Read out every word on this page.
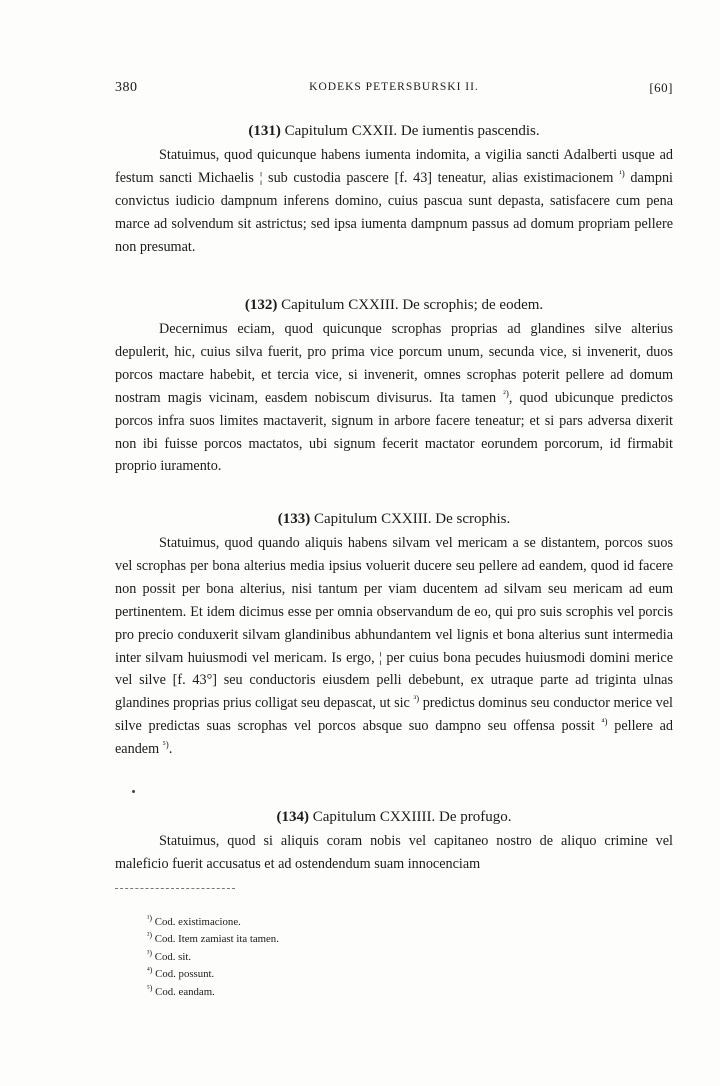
380	KODEKS PETERSBURSKI II.	[60]
(131) Capitulum CXXII. De iumentis pascendis.

Statuimus, quod quicunque habens iumenta indomita, a vigilia sancti Adalberti usque ad festum sancti Michaelis ¦ sub custodia pascere [f. 43] teneatur, alias existimacionem $^{^1)}$ dampni convictus iudicio dampnum inferens domino, cuius pascua sunt depasta, satisfacere cum pena marce ad solvendum sit astrictus; sed ipsa iumenta dampnum passus ad domum propriam pellere non presumat.

(132) Capitulum CXXIII. De scrophis; de eodem.

Decernimus eciam, quod quicunque scrophas proprias ad glandines silve alterius depulerit, hic, cuius silva fuerit, pro prima vice porcum unum, secunda vice, si invenerit, duos porcos mactare habebit, et tercia vice, si invenerit, omnes scrophas poterit pellere ad domum nostram magis vicinam, easdem nobiscum divisurus. Ita tamen $^{^2)}$, quod ubicunque predictos porcos infra suos limites mactaverit, signum in arbore facere teneatur; et si pars adversa dixerit non ibi fuisse porcos mactatos, ubi signum fecerit mactator eorundem porcorum, id firmabit proprio iuramento.

(133) Capitulum CXXIII. De scrophis.

Statuimus, quod quando aliquis habens silvam vel mericam a se distantem, porcos suos vel scrophas per bona alterius media ipsius voluerit ducere seu pellere ad eandem, quod id facere non possit per bona alterius, nisi tantum per viam ducentem ad silvam seu mericam ad eum pertinentem. Et idem dicimus esse per omnia observandum de eo, qui pro suis scrophis vel porcis pro precio conduxerit silvam glandinibus abhundantem vel lignis et bona alterius sunt intermedia inter silvam huiusmodi vel mericam. Is ergo, ¦ per cuius bona pecudes huiusmodi domini merice vel silve [f. 43°] seu conductoris eiusdem pelli debebunt, ex utraque parte ad triginta ulnas glandines proprias prius colligat seu depascat, ut sic $^{^3)}$ predictus dominus seu conductor merice vel silve predictas suas scrophas vel porcos absque suo dampno seu offensa possit $^{^4)}$ pellere ad eandem $^{^5)}$.

(134) Capitulum CXXIIII. De profugo.

Statuimus, quod si aliquis coram nobis vel capitaneo nostro de aliquo crimine vel maleficio fuerit accusatus et ad ostendendum suam innocenciam

$^{^1)}$ Cod. existimacione.
$^{^2)}$ Cod. Item zamiast ita tamen.
$^{^3)}$ Cod. sit.
$^{^4)}$ Cod. possunt.
$^{^5)}$ Cod. eandam.
